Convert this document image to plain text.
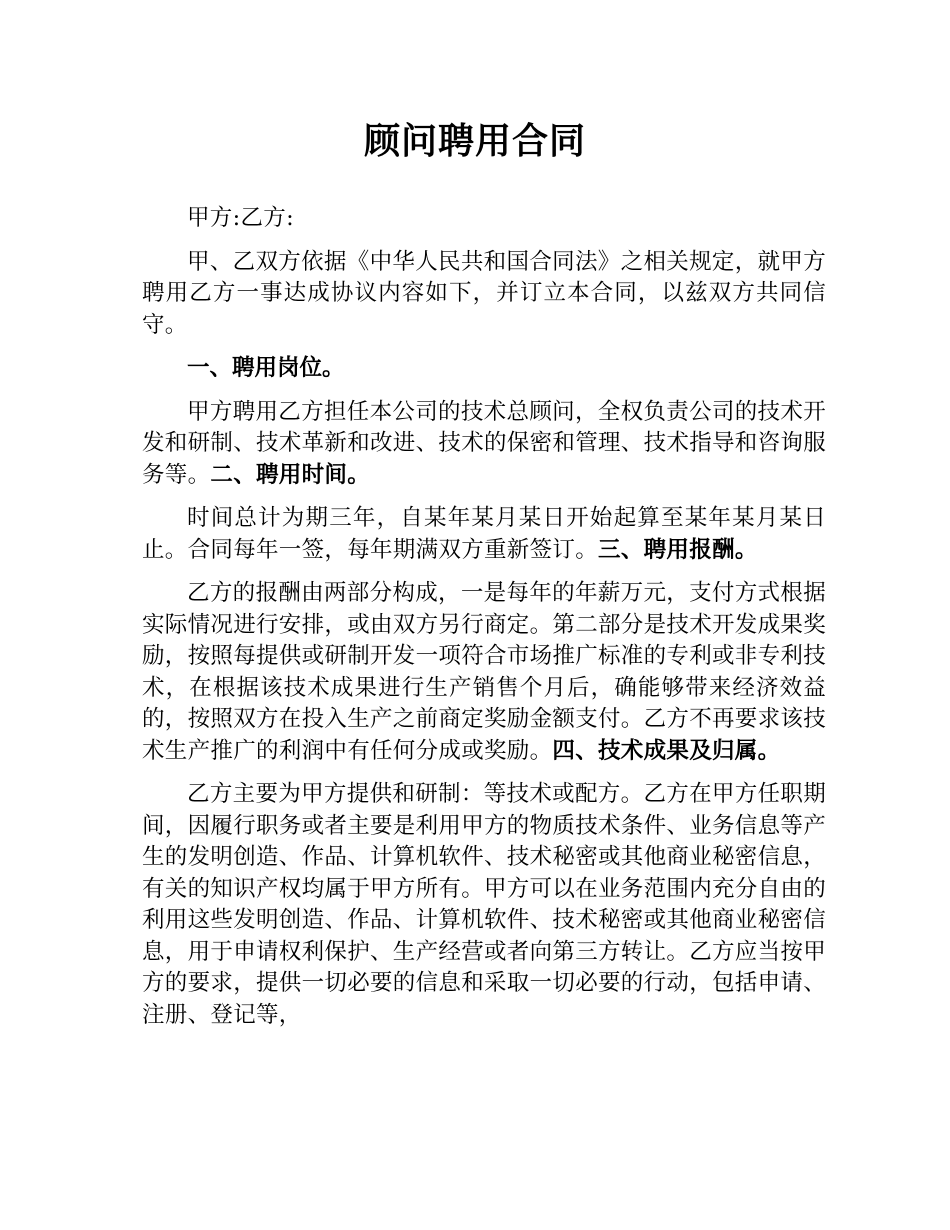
顾问聘用合同

甲方:乙方:

甲、乙双方依据《中华人民共和国合同法》之相关规定，就甲方聘用乙方一事达成协议内容如下，并订立本合同，以兹双方共同信守。

一、聘用岗位。

甲方聘用乙方担任本公司的技术总顾问，全权负责公司的技术开发和研制、技术革新和改进、技术的保密和管理、技术指导和咨询服务等。二、聘用时间。

时间总计为期三年，自某年某月某日开始起算至某年某月某日止。合同每年一签，每年期满双方重新签订。三、聘用报酬。

乙方的报酬由两部分构成，一是每年的年薪万元，支付方式根据实际情况进行安排，或由双方另行商定。第二部分是技术开发成果奖励，按照每提供或研制开发一项符合市场推广标准的专利或非专利技术，在根据该技术成果进行生产销售个月后，确能够带来经济效益的，按照双方在投入生产之前商定奖励金额支付。乙方不再要求该技术生产推广的利润中有任何分成或奖励。四、技术成果及归属。

乙方主要为甲方提供和研制：等技术或配方。乙方在甲方任职期间，因履行职务或者主要是利用甲方的物质技术条件、业务信息等产生的发明创造、作品、计算机软件、技术秘密或其他商业秘密信息，有关的知识产权均属于甲方所有。甲方可以在业务范围内充分自由的利用这些发明创造、作品、计算机软件、技术秘密或其他商业秘密信息，用于申请权利保护、生产经营或者向第三方转让。乙方应当按甲方的要求，提供一切必要的信息和采取一切必要的行动，包括申请、注册、登记等，
